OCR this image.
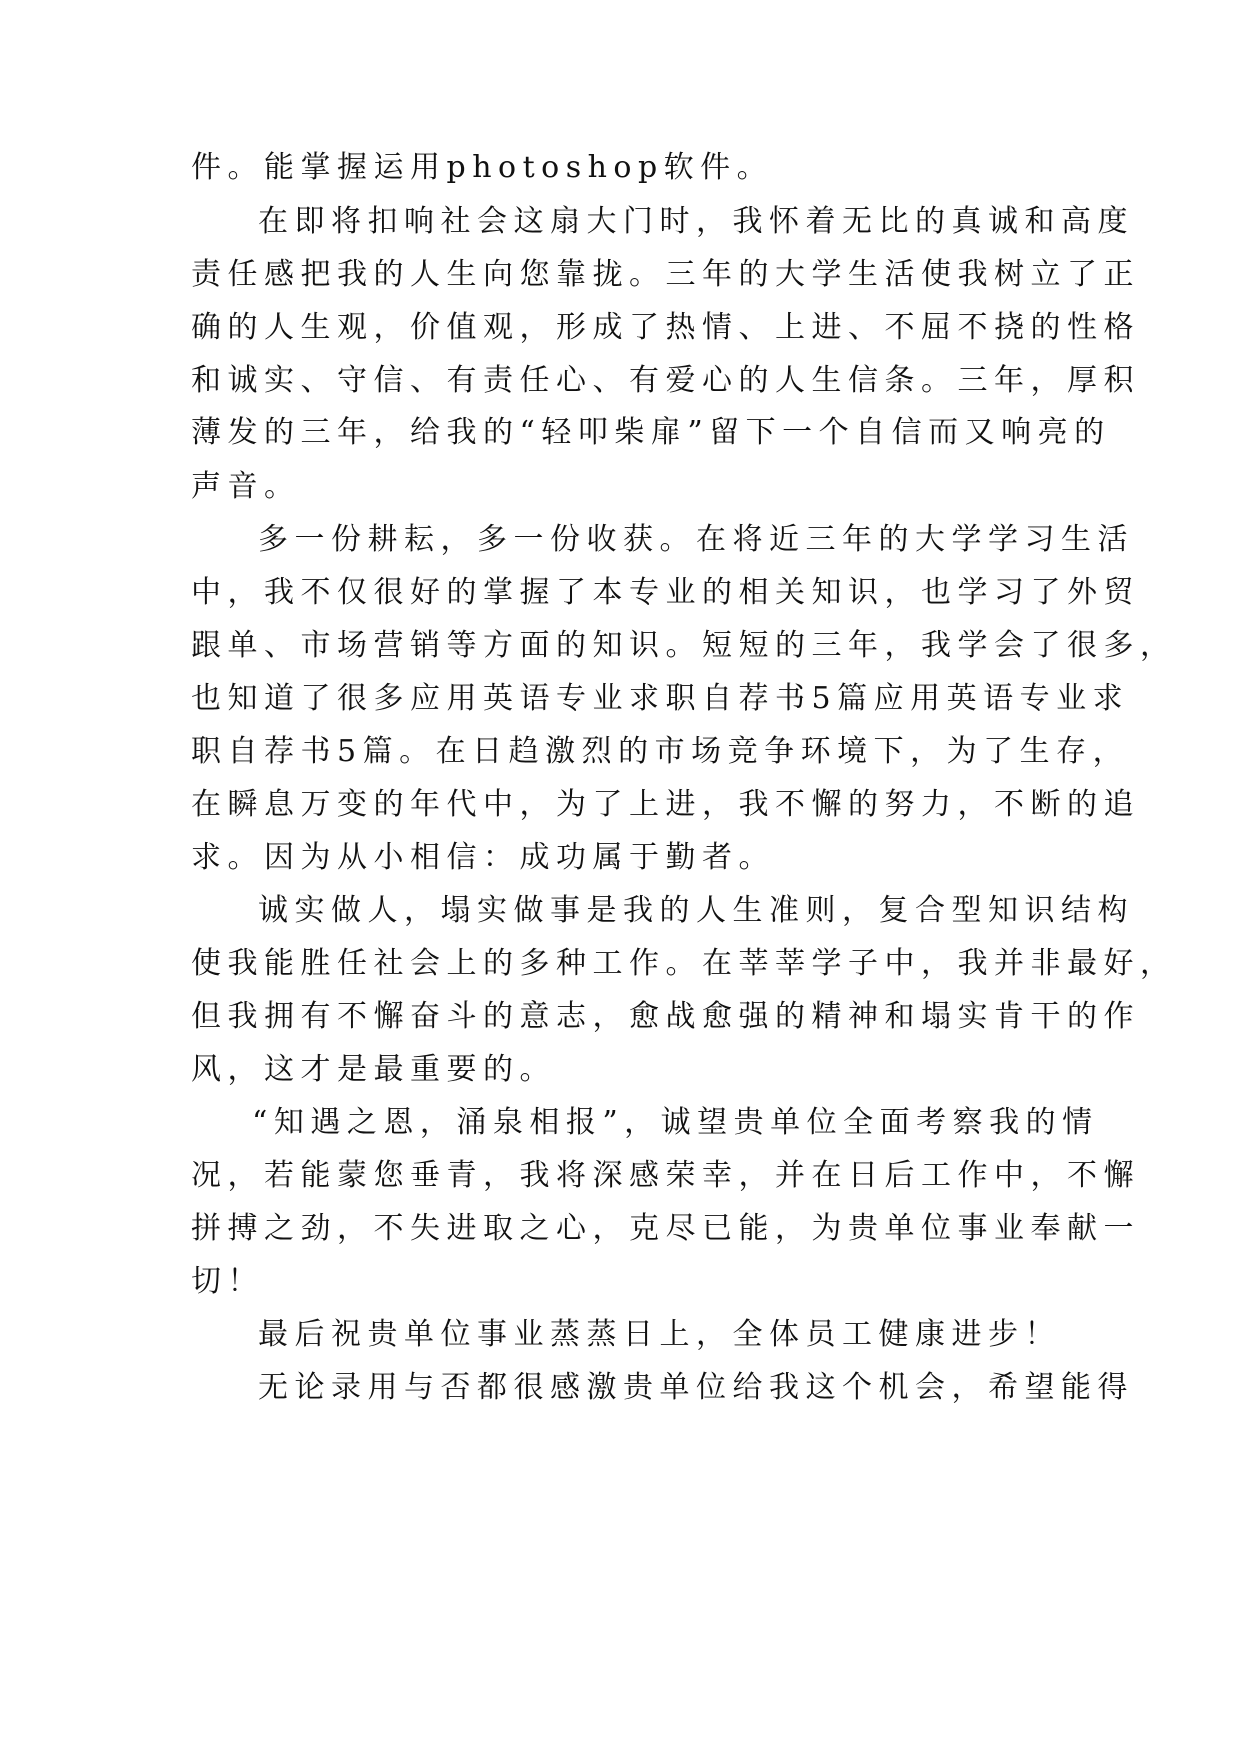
件。能掌握运用photoshop软件。

在即将扣响社会这扇大门时，我怀着无比的真诚和高度

责任感把我的人生向您靠拢。三年的大学生活使我树立了正

确的人生观，价值观，形成了热情、上进、不屈不挠的性格

和诚实、守信、有责任心、有爱心的人生信条。三年，厚积

薄发的三年，给我的“轻叩柴扉”留下一个自信而又响亮的

声音。

多一份耕耘，多一份收获。在将近三年的大学学习生活

中，我不仅很好的掌握了本专业的相关知识，也学习了外贸

跟单、市场营销等方面的知识。短短的三年，我学会了很多，

也知道了很多应用英语专业求职自荐书5篇应用英语专业求

职自荐书5篇。在日趋激烈的市场竞争环境下，为了生存，

在瞬息万变的年代中，为了上进，我不懈的努力，不断的追

求。因为从小相信：成功属于勤者。

诚实做人，塌实做事是我的人生准则，复合型知识结构

使我能胜任社会上的多种工作。在莘莘学子中，我并非最好，

但我拥有不懈奋斗的意志，愈战愈强的精神和塌实肯干的作

风，这才是最重要的。

“知遇之恩，涌泉相报”，诚望贵单位全面考察我的情

况，若能蒙您垂青，我将深感荣幸，并在日后工作中，不懈

拼搏之劲，不失进取之心，克尽已能，为贵单位事业奉献一

切！

最后祝贵单位事业蒸蒸日上，全体员工健康进步！

无论录用与否都很感激贵单位给我这个机会，希望能得
